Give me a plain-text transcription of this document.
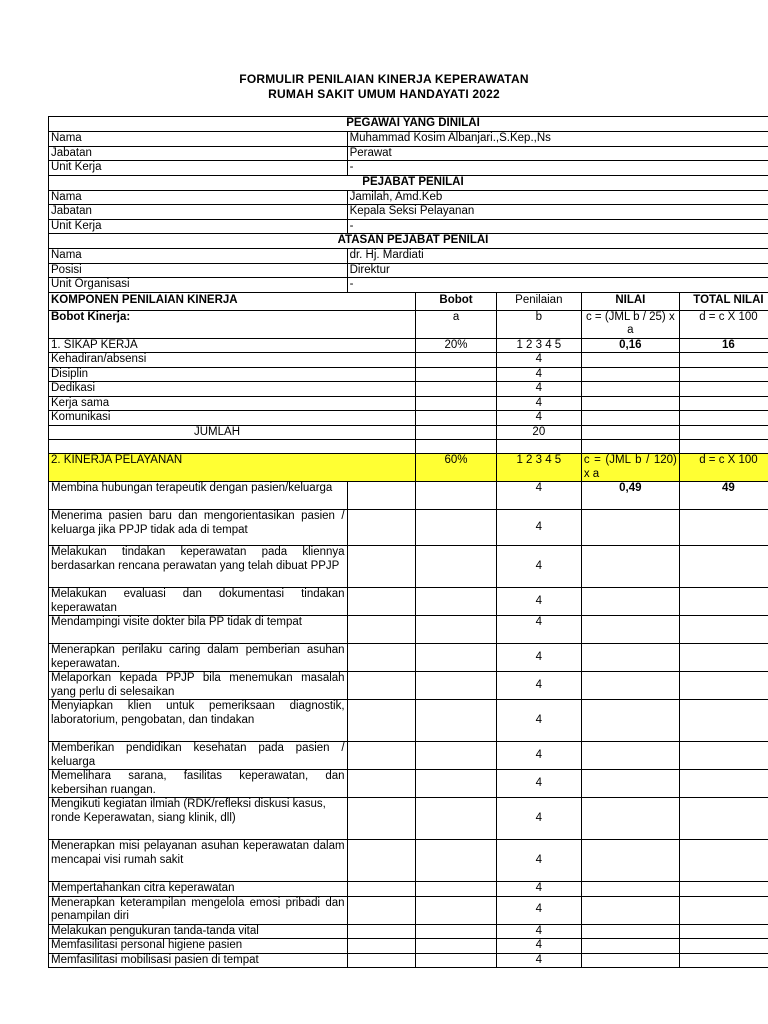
FORMULIR PENILAIAN KINERJA KEPERAWATAN
RUMAH SAKIT UMUM HANDAYATI 2022
PEGAWAI YANG DINILAI					
Nama	Muhammad Kosim Albanjari.,S.Kep.,Ns				
Jabatan	Perawat				
Unit Kerja	-				
PEJABAT PENILAI					
Nama	Jamilah, Amd.Keb				
Jabatan	Kepala Seksi Pelayanan				
Unit Kerja	-				
ATASAN PEJABAT PENILAI					
Nama	dr. Hj. Mardiati				
Posisi	Direktur				
Unit Organisasi	-				
KOMPONEN PENILAIAN KINERJA		Bobot	Penilaian	NILAI	TOTAL NILAI
Bobot Kinerja:		a	b	c = (JML b / 25) x a	d = c X 100
1. SIKAP KERJA		20%	1 2 3 4 5	0,16	16
Kehadiran/absensi			4		
Disiplin			4		
Dedikasi			4		
Kerja sama			4		
Komunikasi			4		
JUMLAH			20		

2. KINERJA PELAYANAN		60%	1 2 3 4 5	c = (JML b / 120) x a	d = c X 100
Membina hubungan terapeutik dengan pasien/keluarga			4	0,49	49
Menerima pasien baru dan mengorientasikan pasien / keluarga jika PPJP tidak ada di tempat			4		
Melakukan tindakan keperawatan pada kliennya berdasarkan rencana perawatan yang telah dibuat PPJP			4		
Melakukan evaluasi dan dokumentasi tindakan keperawatan			4		
Mendampingi visite dokter bila PP tidak di tempat			4		
Menerapkan perilaku caring dalam pemberian asuhan keperawatan.			4		
Melaporkan kepada PPJP bila menemukan masalah yang perlu di selesaikan			4		
Menyiapkan klien untuk pemeriksaan diagnostik, laboratorium, pengobatan, dan tindakan			4		
Memberikan pendidikan kesehatan pada pasien / keluarga			4		
Memelihara sarana, fasilitas keperawatan, dan kebersihan ruangan.			4		
Mengikuti kegiatan ilmiah (RDK/refleksi diskusi kasus, ronde Keperawatan, siang klinik, dll)			4		
Menerapkan misi pelayanan asuhan keperawatan dalam mencapai visi rumah sakit			4		
Mempertahankan citra keperawatan			4		
Menerapkan keterampilan mengelola emosi pribadi dan penampilan diri			4		
Melakukan pengukuran tanda-tanda vital			4		
Memfasilitasi personal higiene pasien			4		
Memfasilitasi mobilisasi pasien di tempat			4		
